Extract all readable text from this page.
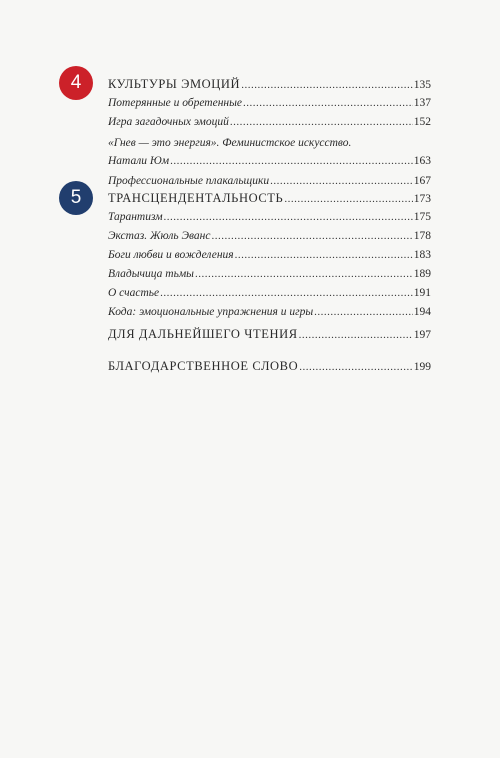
4	КУЛЬТУРЫ ЭМОЦИЙ .....	135
Потерянные и обретенные .....	137
Игра загадочных эмоций .....	152
«Гнев — это энергия». Феминистское искусство.
Натали Юм .....	163
Профессиональные плакальщики .....	167
5	ТРАНСЦЕНДЕНТАЛЬНОСТЬ .....	173
Тарантизм .....	175
Экстаз. Жюль Эванс .....	178
Боги любви и вожделения .....	183
Владычица тьмы .....	189
О счастье .....	191
Кода: эмоциональные упражнения и игры .....	194
ДЛЯ ДАЛЬНЕЙШЕГО ЧТЕНИЯ .....	197
БЛАГОДАРСТВЕННОЕ СЛОВО .....	199
